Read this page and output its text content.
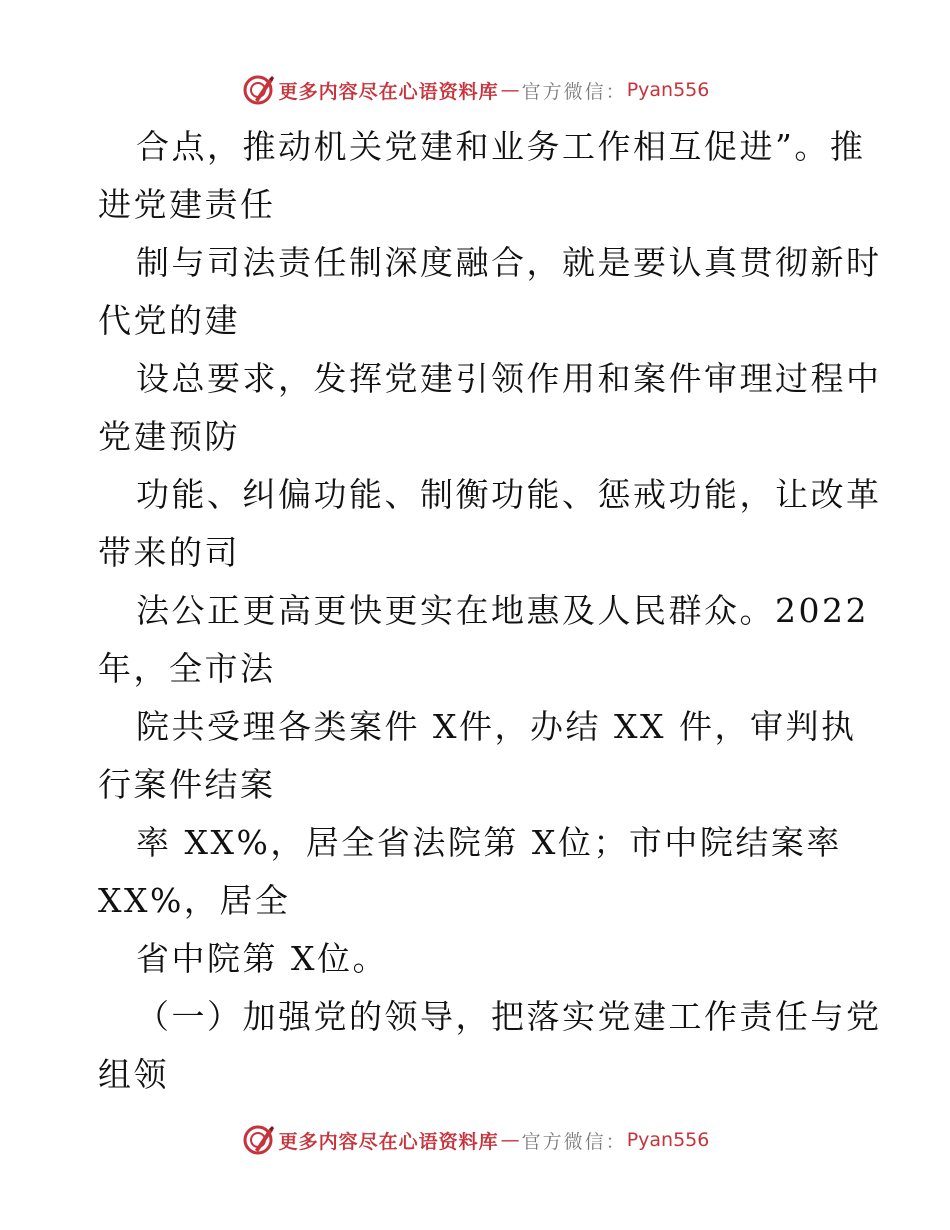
更多内容尽在心语资料库 — 官方微信： Pyan556
合点，推动机关党建和业务工作相互促进”。推
进党建责任
制与司法责任制深度融合，就是要认真贯彻新时
代党的建
设总要求，发挥党建引领作用和案件审理过程中
党建预防
功能、纠偏功能、制衡功能、惩戒功能，让改革
带来的司
法公正更高更快更实在地惠及人民群众。2022
年，全市法
院共受理各类案件 X件，办结 XX 件，审判执
行案件结案
率 XX%，居全省法院第 X位；市中院结案率
XX%，居全
省中院第 X位。
（一）加强党的领导，把落实党建工作责任与党
组领
更多内容尽在心语资料库 — 官方微信： Pyan556
